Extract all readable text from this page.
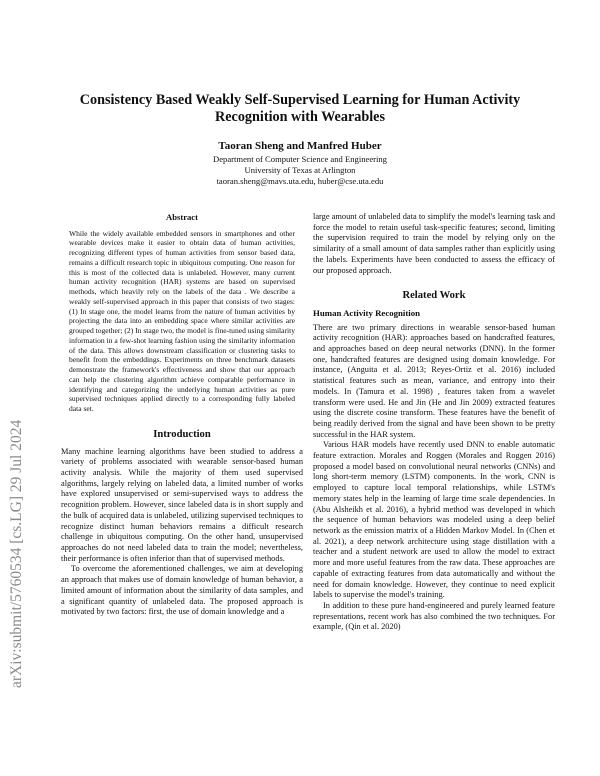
arXiv:submit/5760534 [cs.LG] 29 Jul 2024
Consistency Based Weakly Self-Supervised Learning for Human Activity
Recognition with Wearables
Taoran Sheng and Manfred Huber
Department of Computer Science and Engineering
University of Texas at Arlington
taoran.sheng@mavs.uta.edu, huber@cse.uta.edu
Abstract

While the widely available embedded sensors in smartphones and other wearable devices make it easier to obtain data of human activities, recognizing different types of human activities from sensor based data, remains a difficult research topic in ubiquitous computing. One reason for this is most of the collected data is unlabeled. However, many current human activity recognition (HAR) systems are based on supervised methods, which heavily rely on the labels of the data . We describe a weakly self-supervised approach in this paper that consists of two stages: (1) In stage one, the model learns from the nature of human activities by projecting the data into an embedding space where similar activities are grouped together; (2) In stage two, the model is fine-tuned using similarity information in a few-shot learning fashion using the similarity information of the data. This allows downstream classification or clustering tasks to benefit from the embeddings. Experiments on three benchmark datasets demonstrate the framework's effectiveness and show that our approach can help the clustering algorithm achieve comparable performance in identifying and categorizing the underlying human activities as pure supervised techniques applied directly to a corresponding fully labeled data set.

Introduction

Many machine learning algorithms have been studied to address a variety of problems associated with wearable sensor-based human activity analysis. While the majority of them used supervised algorithms, largely relying on labeled data, a limited number of works have explored unsupervised or semi-supervised ways to address the recognition problem. However, since labeled data is in short supply and the bulk of acquired data is unlabeled, utilizing supervised techniques to recognize distinct human behaviors remains a difficult research challenge in ubiquitous computing. On the other hand, unsupervised approaches do not need labeled data to train the model; nevertheless, their performance is often inferior than that of supervised methods.

To overcome the aforementioned challenges, we aim at developing an approach that makes use of domain knowledge of human behavior, a limited amount of information about the similarity of data samples, and a significant quantity of unlabeled data. The proposed approach is motivated by two factors: first, the use of domain knowledge and a

large amount of unlabeled data to simplify the model's learning task and force the model to retain useful task-specific features; second, limiting the supervision required to train the model by relying only on the similarity of a small amount of data samples rather than explicitly using the labels. Experiments have been conducted to assess the efficacy of our proposed approach.

Related Work
Human Activity Recognition

There are two primary directions in wearable sensor-based human activity recognition (HAR): approaches based on handcrafted features, and approaches based on deep neural networks (DNN). In the former one, handcrafted features are designed using domain knowledge. For instance, (Anguita et al. 2013; Reyes-Ortiz et al. 2016) included statistical features such as mean, variance, and entropy into their models. In (Tamura et al. 1998) , features taken from a wavelet transform were used. He and Jin (He and Jin 2009) extracted features using the discrete cosine transform. These features have the benefit of being readily derived from the signal and have been shown to be pretty successful in the HAR system.

Various HAR models have recently used DNN to enable automatic feature extraction. Morales and Roggen (Morales and Roggen 2016) proposed a model based on convolutional neural networks (CNNs) and long short-term memory (LSTM) components. In the work, CNN is employed to capture local temporal relationships, while LSTM's memory states help in the learning of large time scale dependencies. In (Abu Alsheikh et al. 2016), a hybrid method was developed in which the sequence of human behaviors was modeled using a deep belief network as the emission matrix of a Hidden Markov Model. In (Chen et al. 2021), a deep network architecture using stage distillation with a teacher and a student network are used to allow the model to extract more and more useful features from the raw data. These approaches are capable of extracting features from data automatically and without the need for domain knowledge. However, they continue to need explicit labels to supervise the model's training.

In addition to these pure hand-engineered and purely learned feature representations, recent work has also combined the two techniques. For example, (Qin et al. 2020)
